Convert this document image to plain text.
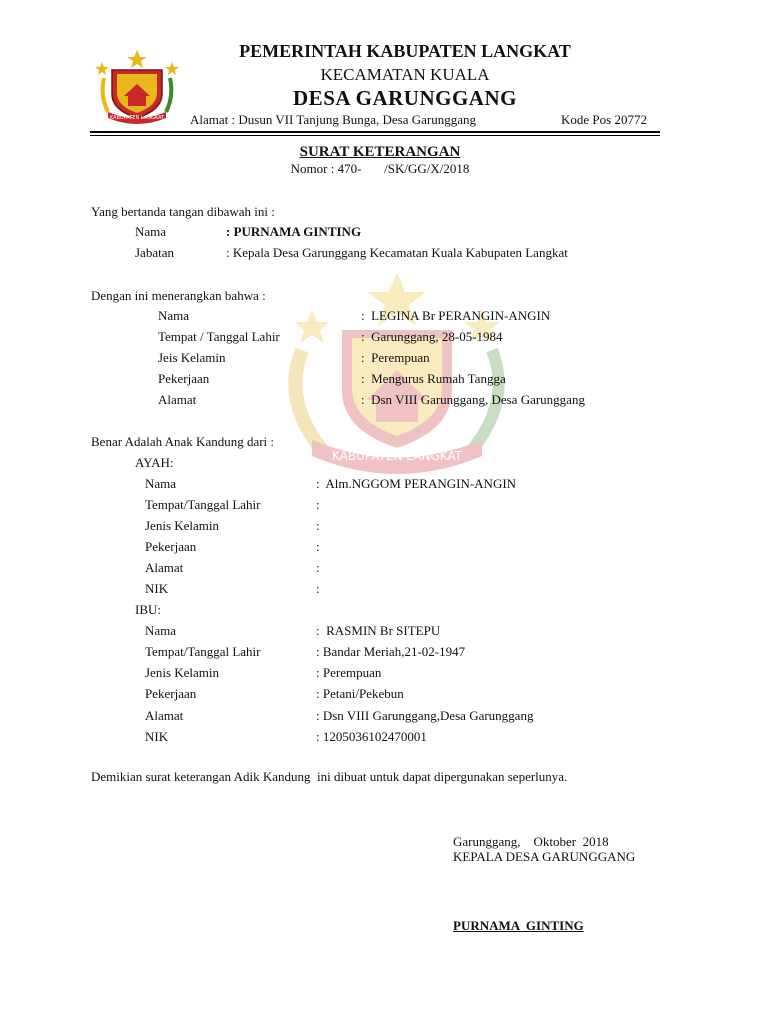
KABUPATEN LANGKAT
PEMERINTAH KABUPATEN LANGKAT
KECAMATAN KUALA
DESA GARUNGGANG
Alamat : Dusun VII Tanjung Bunga, Desa Garunggang	Kode Pos 20772
KABUPATEN LANGKAT
SURAT KETERANGAN
Nomor : 470-       /SK/GG/X/2018
Yang bertanda tangan dibawah ini :
Nama	: PURNAMA GINTING
Jabatan	: Kepala Desa Garunggang Kecamatan Kuala Kabupaten Langkat
Dengan ini menerangkan bahwa :
Nama	:  LEGINA Br PERANGIN-ANGIN
Tempat / Tanggal Lahir	:  Garunggang, 28-05-1984
Jeis Kelamin	:  Perempuan
Pekerjaan	:  Mengurus Rumah Tangga
Alamat	:  Dsn VIII Garunggang, Desa Garunggang
Benar Adalah Anak Kandung dari :
AYAH:
Nama	:  Alm.NGGOM PERANGIN-ANGIN
Tempat/Tanggal Lahir	:
Jenis Kelamin	:
Pekerjaan	:
Alamat	:
NIK	:
IBU:
Nama	:  RASMIN Br SITEPU
Tempat/Tanggal Lahir	: Bandar Meriah,21-02-1947
Jenis Kelamin	: Perempuan
Pekerjaan	: Petani/Pekebun
Alamat	: Dsn VIII Garunggang,Desa Garunggang
NIK	: 1205036102470001
Demikian surat keterangan Adik Kandung  ini dibuat untuk dapat dipergunakan seperlunya.
Garunggang,    Oktober  2018
KEPALA DESA GARUNGGANG
PURNAMA  GINTING
